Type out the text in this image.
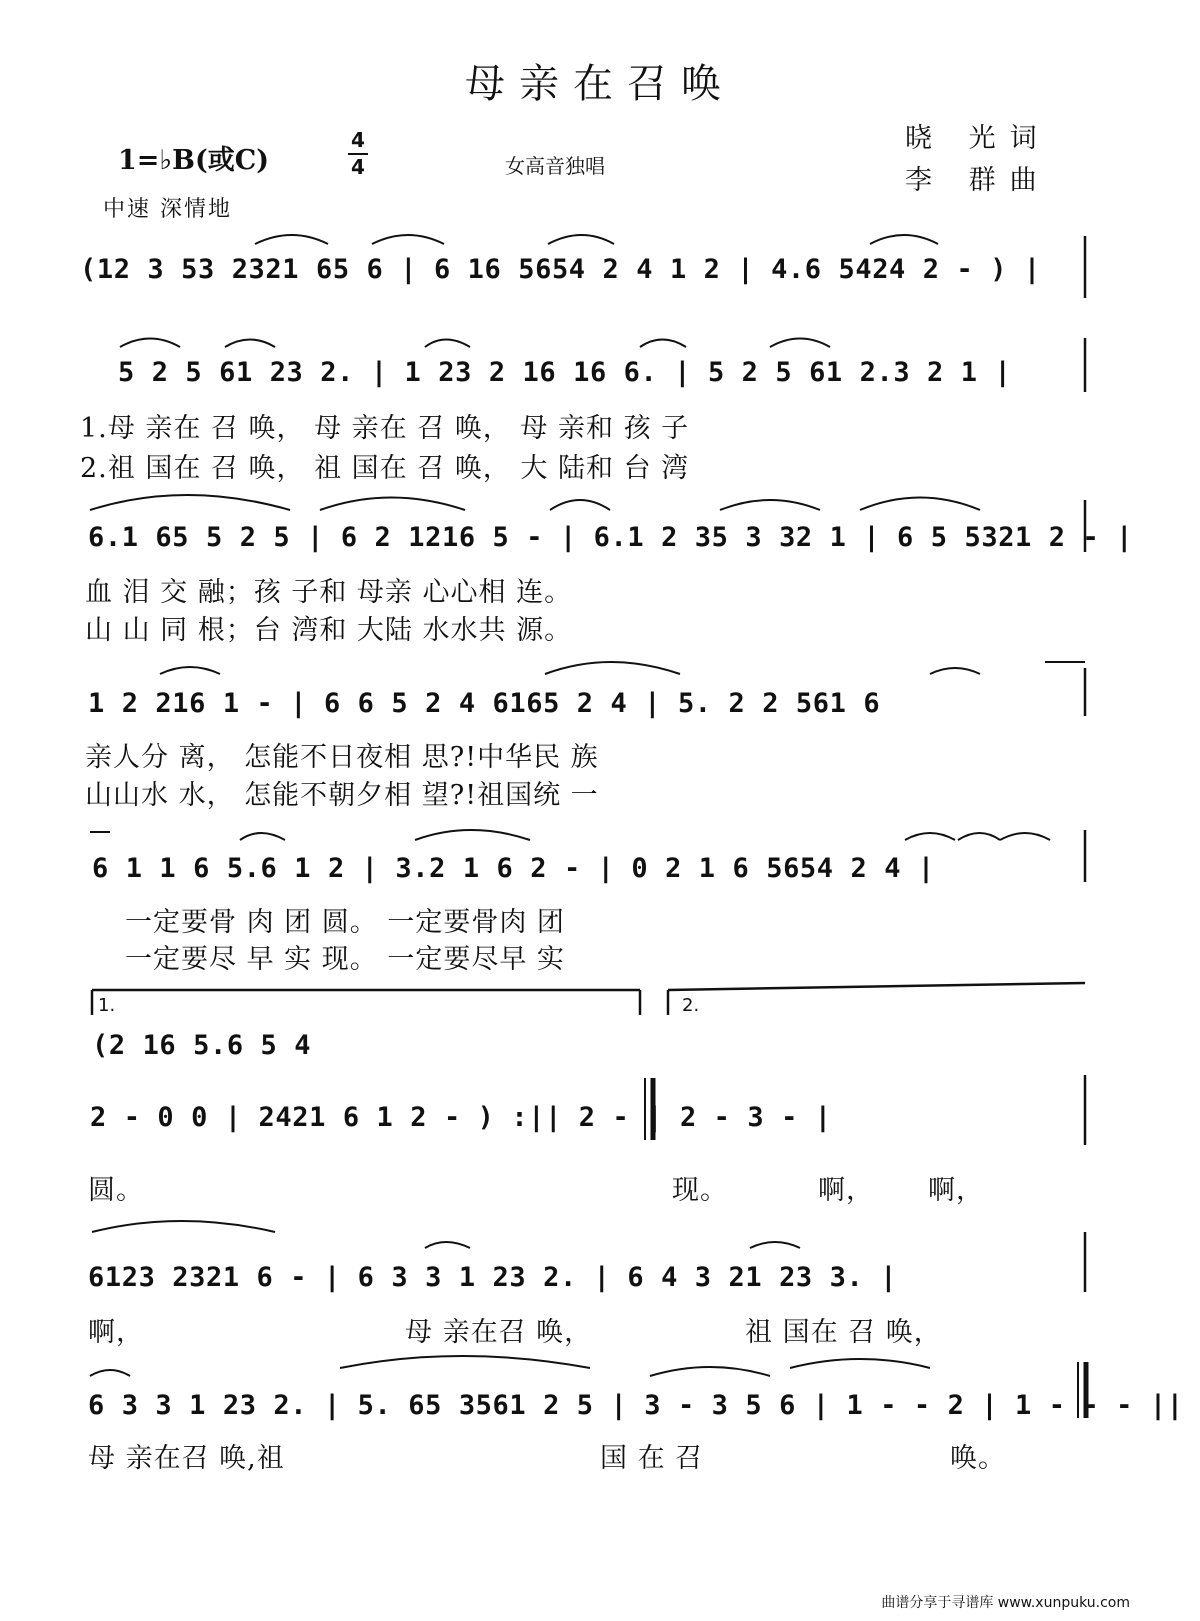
母亲在召唤
1=♭B(或C)
4
4	女高音独唱
晓 光词
李 群曲
中速 深情地
(12 3 53 2321 65 6 | 6 16 5654 2 4 1 2 | 4.6 5424 2 - ) |
5 2 5 61 23 2. | 1 23 2 16 16 6. | 5 2 5 61 2.3 2 1 |
1.母 亲在 召 唤， 母 亲在 召 唤， 母 亲和 孩 子
2.祖 国在 召 唤， 祖 国在 召 唤， 大 陆和 台 湾
6.1 65 5 2 5 | 6 2 1216 5 - | 6.1 2 35 3 32 1 | 6 5 5321 2 - |
血 泪 交 融；孩 子和 母亲 心心相 连。
山 山 同 根；台 湾和 大陆 水水共 源。
1 2 216 1 - | 6 6 5 2 4 6165 2 4 | 5. 2 2 561 6
亲人分 离， 怎能不日夜相 思?!中华民 族
山山水 水， 怎能不朝夕相 望?!祖国统 一
6 1 1 6 5.6 1 2 | 3.2 1 6 2 - | 0 2 1 6 5654 2 4 |
一定要骨 肉 团 圆。 一定要骨肉 团
一定要尽 早 实 现。 一定要尽早 实
1.	2.
(2 16 5.6 5 4
2 - 0 0 | 2421 6 1 2 - ) :|| 2 - | 2 - 3 - |
圆。	现。	啊， 啊，
6123 2321 6 - | 6 3 3 1 23 2. | 6 4 3 21 23 3. |
啊，	母 亲在召 唤，	祖 国在 召 唤，
6 3 3 1 23 2. | 5. 65 3561 2 5 | 3 - 3 5 6 | 1 - - 2 | 1 - - - ||
母 亲在召 唤,祖	国 在 召	唤。
曲谱分享于寻谱库 www.xunpuku.com
